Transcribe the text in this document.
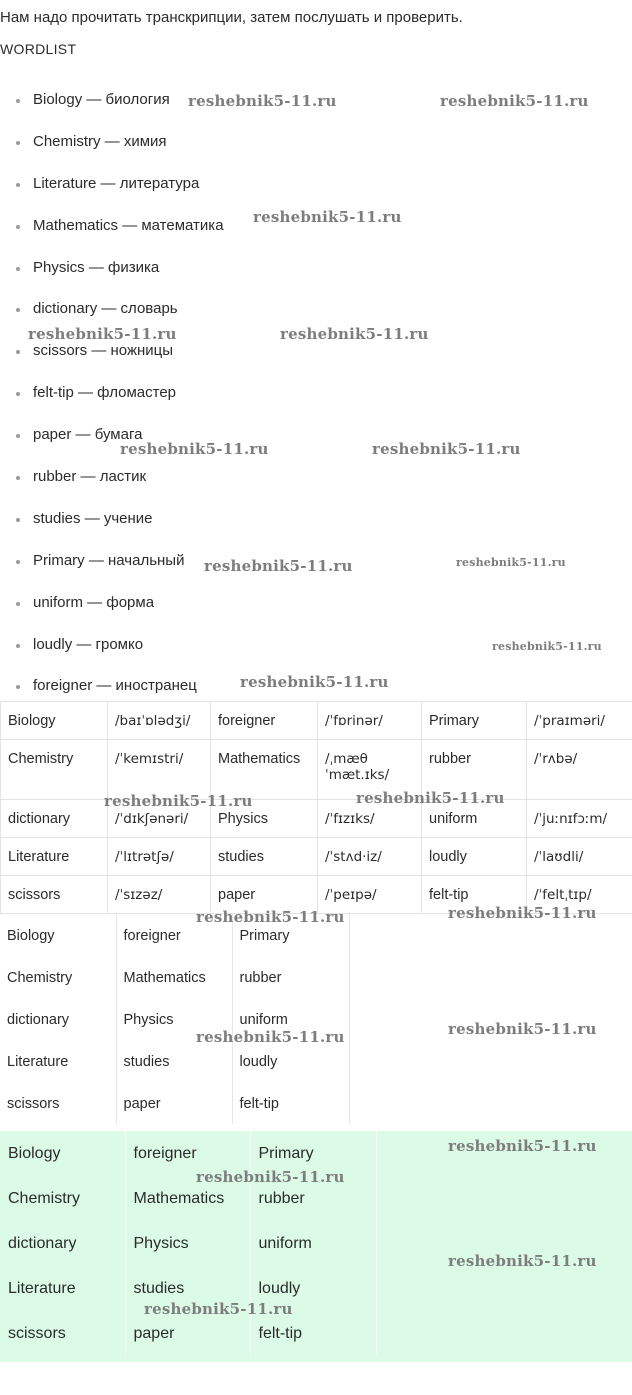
Нам надо прочитать транскрипции, затем послушать и проверить.
WORDLIST
Biology — биология
Chemistry — химия
Literature — литература
Mathematics — математика
Physics — физика
dictionary — словарь
scissors — ножницы
felt-tip — фломастер
paper — бумага
rubber — ластик
studies — учение
Primary — начальный
uniform — форма
loudly — громко
foreigner — иностранец
Biology	/baɪˈɒlədʒi/	foreigner	/ˈfɒrinər/	Primary	/ˈpraɪməri/
Chemistry	/ˈkemɪstri/	Mathematics	/ˌmæθ ˈmæt.ɪks/	rubber	/ˈrʌbə/
dictionary	/ˈdɪkʃənəri/	Physics	/ˈfɪzɪks/	uniform	/ˈjuːnɪfɔːm/
Literature	/ˈlɪtrətʃə/	studies	/ˈstʌd·iz/	loudly	/ˈlaʊdli/
scissors	/ˈsɪzəz/	paper	/ˈpeɪpə/	felt-tip	/ˈfeltˌtɪp/
Biology	foreigner	Primary
Chemistry	Mathematics	rubber
dictionary	Physics	uniform
Literature	studies	loudly
scissors	paper	felt-tip
Biology	foreigner	Primary
Chemistry	Mathematics	rubber
dictionary	Physics	uniform
Literature	studies	loudly
scissors	paper	felt-tip
reshebnik5-11.ru	reshebnik5-11.ru
reshebnik5-11.ru
reshebnik5-11.ru	reshebnik5-11.ru
reshebnik5-11.ru	reshebnik5-11.ru
reshebnik5-11.ru	reshebnik5-11.ru
reshebnik5-11.ru
reshebnik5-11.ru
reshebnik5-11.ru	reshebnik5-11.ru
reshebnik5-11.ru	reshebnik5-11.ru
reshebnik5-11.ru	reshebnik5-11.ru
reshebnik5-11.ru
reshebnik5-11.ru
reshebnik5-11.ru
reshebnik5-11.ru
